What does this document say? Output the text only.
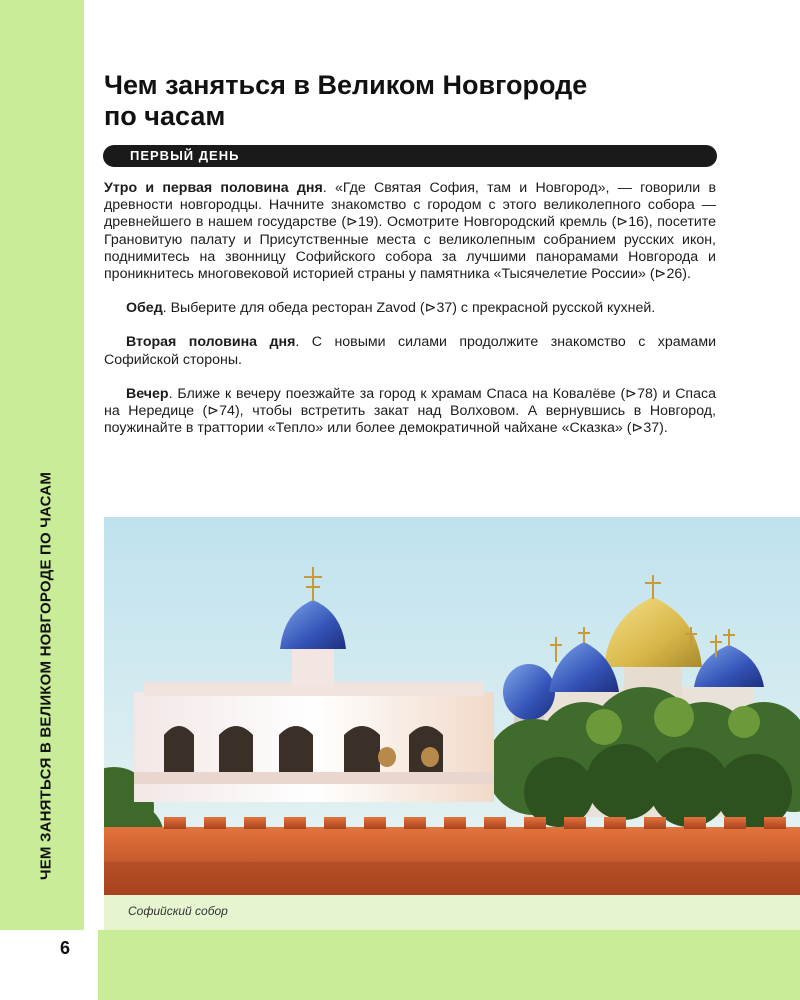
ЧЕМ ЗАНЯТЬСЯ В ВЕЛИКОМ НОВГОРОДЕ ПО ЧАСАМ
6
Чем заняться в Великом Новгороде
по часам
ПЕРВЫЙ ДЕНЬ

Утро и первая половина дня. «Где Святая София, там и Новгород», — говорили в древности новгородцы. Начните знакомство с городом с этого великолепного собора — древнейшего в нашем государстве (⊳19). Осмотрите Новгородский кремль (⊳16), посетите Грановитую палату и Присутственные места с великолепным собранием русских икон, поднимитесь на звонницу Софийского собора за лучшими панорамами Новгорода и проникнитесь многовековой историей страны у памятника «Тысячелетие России» (⊳26).

Обед. Выберите для обеда ресторан Zavod (⊳37) с прекрасной русской кухней.

Вторая половина дня. С новыми силами продолжите знакомство с храмами Софийской стороны.

Вечер. Ближе к вечеру поезжайте за город к храмам Спаса на Ковалёве (⊳78) и Спаса на Нередице (⊳74), чтобы встретить закат над Волховом. А вернувшись в Новгород, поужинайте в траттории «Тепло» или более демократичной чайхане «Сказка» (⊳37).

Софийский собор
